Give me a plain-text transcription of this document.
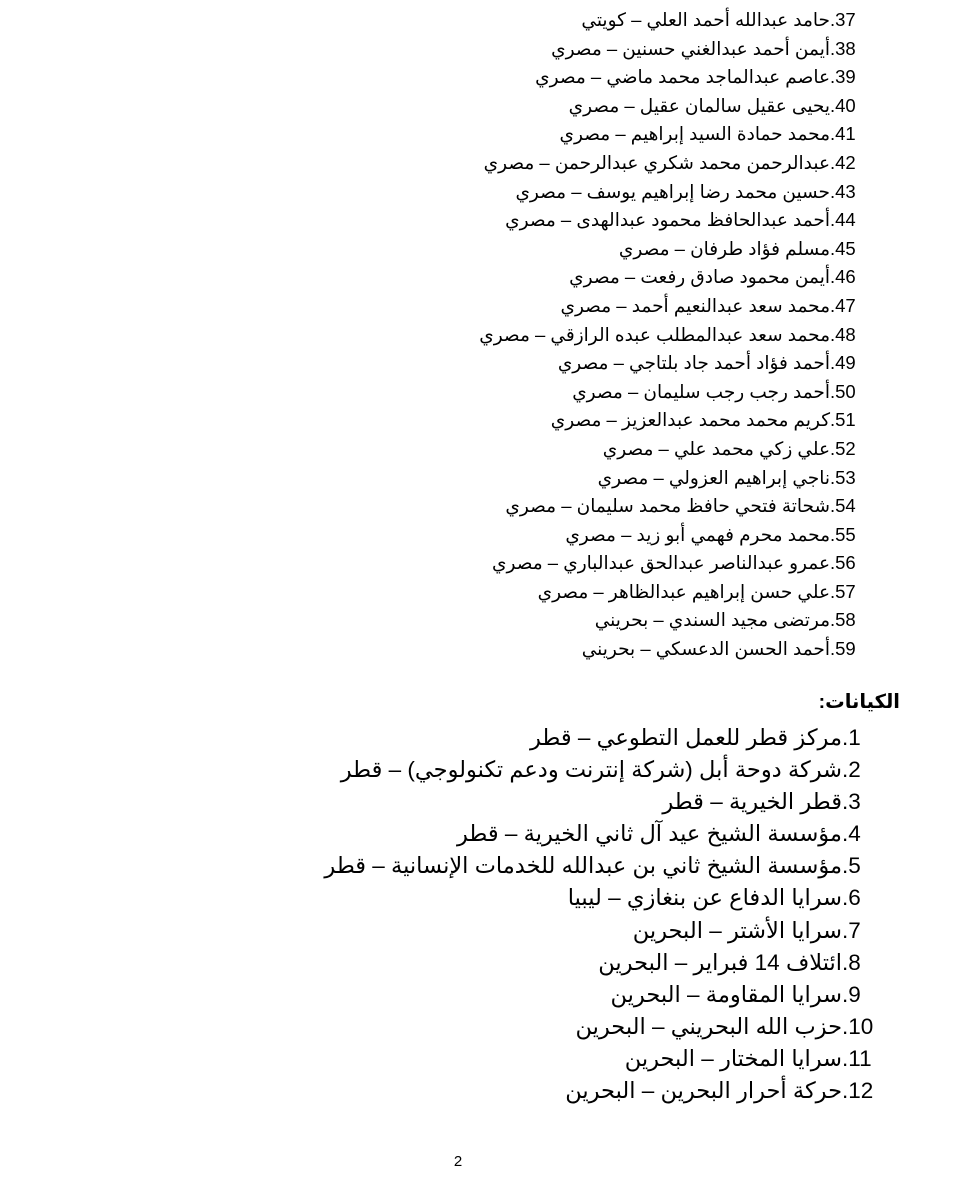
37.حامد عبدالله أحمد العلي – كويتي
38.أيمن أحمد عبدالغني حسنين – مصري
39.عاصم عبدالماجد محمد ماضي – مصري
40.يحيى عقيل سالمان عقيل – مصري
41.محمد حمادة السيد إبراهيم – مصري
42.عبدالرحمن محمد شكري عبدالرحمن – مصري
43.حسين محمد رضا إبراهيم يوسف – مصري
44.أحمد عبدالحافظ محمود عبدالهدى – مصري
45.مسلم فؤاد طرفان – مصري
46.أيمن محمود صادق رفعت – مصري
47.محمد سعد عبدالنعيم أحمد – مصري
48.محمد سعد عبدالمطلب عبده الرازقي – مصري
49.أحمد فؤاد أحمد جاد بلتاجي – مصري
50.أحمد رجب رجب سليمان – مصري
51.كريم محمد محمد عبدالعزيز – مصري
52.علي زكي محمد علي – مصري
53.ناجي إبراهيم العزولي – مصري
54.شحاتة فتحي حافظ محمد سليمان – مصري
55.محمد محرم فهمي أبو زيد – مصري
56.عمرو عبدالناصر عبدالحق عبدالباري – مصري
57.علي حسن إبراهيم عبدالظاهر – مصري
58.مرتضى مجيد السندي – بحريني
59.أحمد الحسن الدعسكي – بحريني
الكيانات:
1.مركز قطر للعمل التطوعي – قطر
2.شركة دوحة أبل (شركة إنترنت ودعم تكنولوجي) – قطر
3.قطر الخيرية – قطر
4.مؤسسة الشيخ عيد آل ثاني الخيرية – قطر
5.مؤسسة الشيخ ثاني بن عبدالله للخدمات الإنسانية – قطر
6.سرايا الدفاع عن بنغازي – ليبيا
7.سرايا الأشتر – البحرين
8.ائتلاف 14 فبراير – البحرين
9.سرايا المقاومة – البحرين
10.حزب الله البحريني – البحرين
11.سرايا المختار – البحرين
12.حركة أحرار البحرين – البحرين
2
